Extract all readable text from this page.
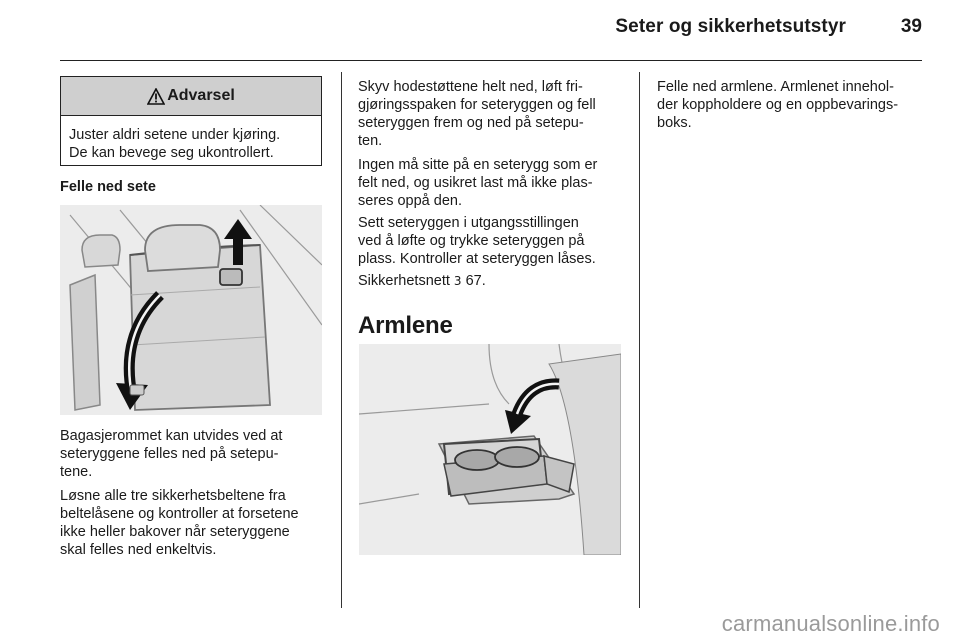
Seter og sikkerhetsutstyr	39
Advarsel
Juster aldri setene under kjøring.
De kan bevege seg ukontrollert.
Felle ned sete

Bagasjerommet kan utvides ved at
seteryggene felles ned på setepu-
tene.

Løsne alle tre sikkerhetsbeltene fra
beltelåsene og kontroller at forsetene
ikke heller bakover når seteryggene
skal felles ned enkeltvis.

Skyv hodestøttene helt ned, løft fri-
gjøringsspaken for seteryggen og fell
seteryggen frem og ned på setepu-
ten.

Ingen må sitte på en seterygg som er
felt ned, og usikret last må ikke plas-
seres oppå den.

Sett seteryggen i utgangsstillingen
ved å løfte og trykke seteryggen på
plass. Kontroller at seteryggen låses.

Sikkerhetsnett 3 67.

Armlene

Felle ned armlene. Armlenet innehol-
der koppholdere og en oppbevarings-
boks.

carmanualsonline.info
